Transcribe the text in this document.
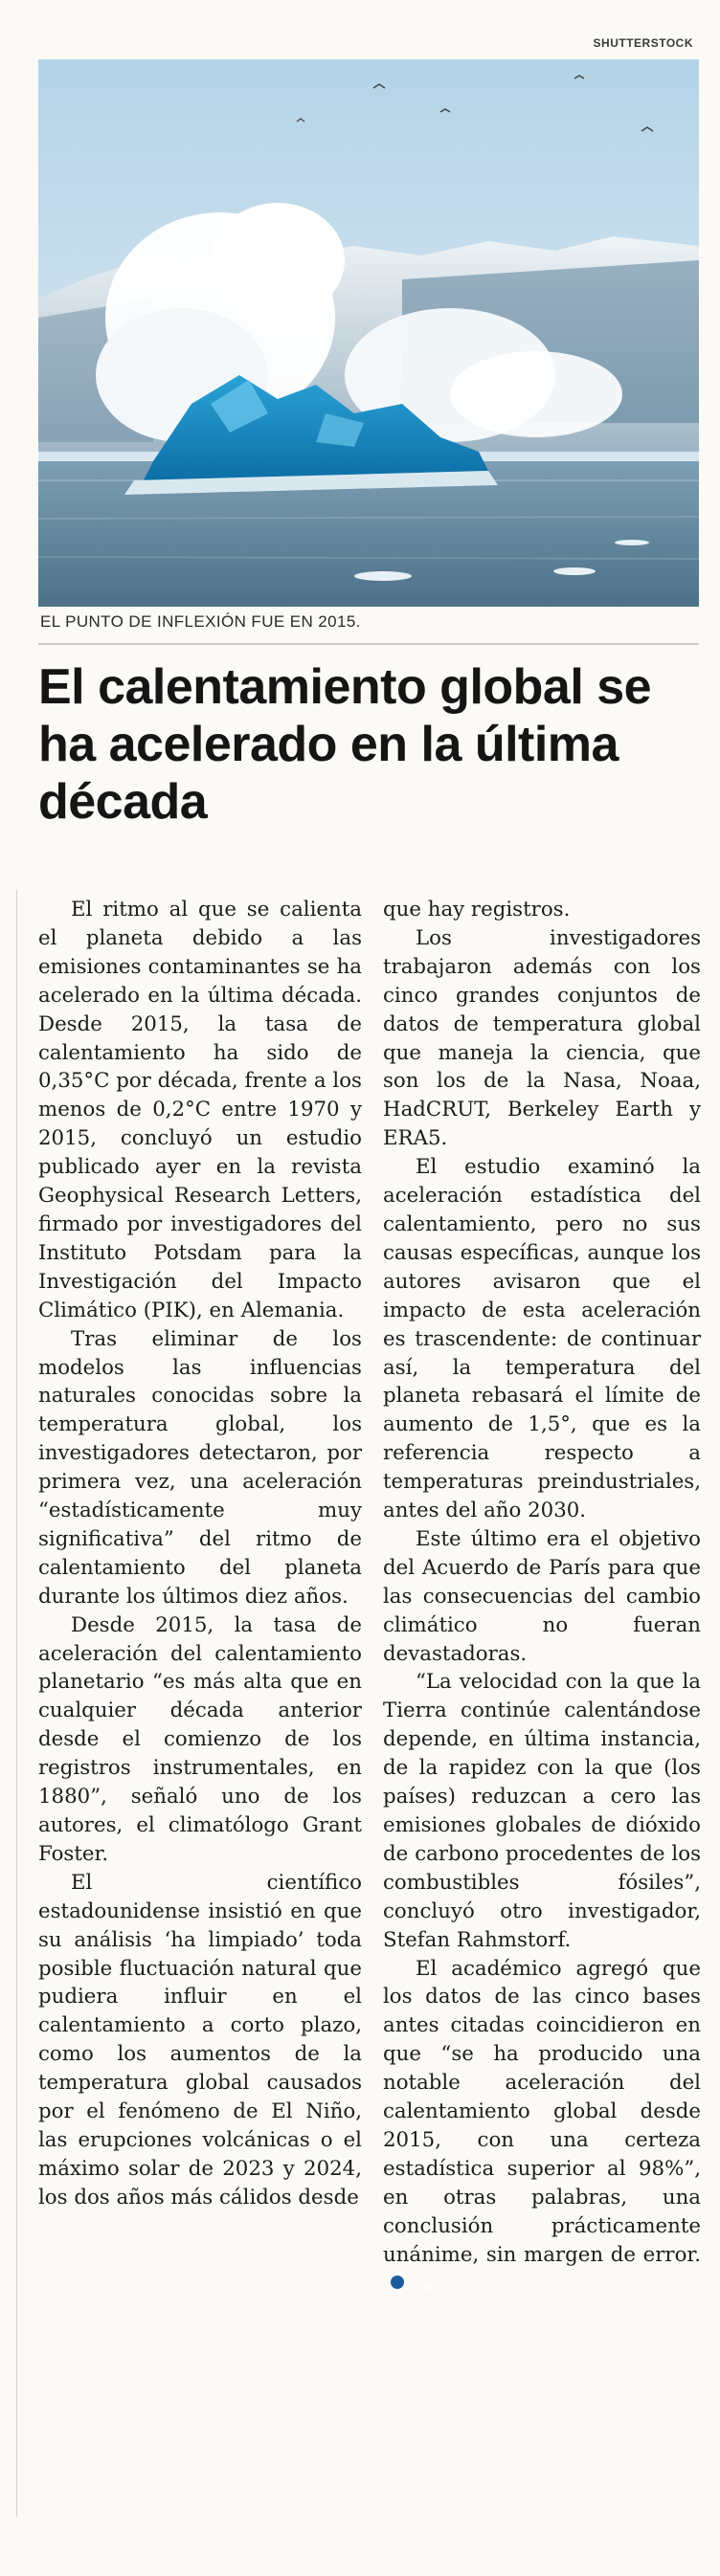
SHUTTERSTOCK
EL PUNTO DE INFLEXIÓN FUE EN 2015.
El calentamiento global se ha acelerado en la última década

El ritmo al que se calienta el planeta debido a las emisiones contaminantes se ha acelerado en la última década. Desde 2015, la tasa de calentamiento ha sido de 0,35°C por década, frente a los menos de 0,2°C entre 1970 y 2015, concluyó un estudio publicado ayer en la revista Geophysical Research Letters, firmado por investigadores del Instituto Potsdam para la Investigación del Impacto Climático (PIK), en Alemania.

Tras eliminar de los modelos las influencias naturales conocidas sobre la temperatura global, los investigadores detectaron, por primera vez, una aceleración “estadísticamente muy significativa” del ritmo de calentamiento del planeta durante los últimos diez años.

Desde 2015, la tasa de aceleración del calentamiento planetario “es más alta que en cualquier década anterior desde el comienzo de los registros instrumentales, en 1880”, señaló uno de los autores, el climatólogo Grant Foster.

El científico estadounidense insistió en que su análisis ‘ha limpiado’ toda posible fluctuación natural que pudiera influir en el calentamiento a corto plazo, como los aumentos de la temperatura global causados por el fenómeno de El Niño, las erupciones volcánicas o el máximo solar de 2023 y 2024, los dos años más cálidos desde

que hay registros.

Los investigadores trabajaron además con los cinco grandes conjuntos de datos de temperatura global que maneja la ciencia, que son los de la Nasa, Noaa, HadCRUT, Berkeley Earth y ERA5.

El estudio examinó la aceleración estadística del calentamiento, pero no sus causas específicas, aunque los autores avisaron que el impacto de esta aceleración es trascendente: de continuar así, la temperatura del planeta rebasará el límite de aumento de 1,5°, que es la referencia respecto a temperaturas preindustriales, antes del año 2030.

Este último era el objetivo del Acuerdo de París para que las consecuencias del cambio climático no fueran devastadoras.

“La velocidad con la que la Tierra continúe calentándose depende, en última instancia, de la rapidez con la que (los países) reduzcan a cero las emisiones globales de dióxido de carbono procedentes de los combustibles fósiles”, concluyó otro investigador, Stefan Rahmstorf.

El académico agregó que los datos de las cinco bases antes citadas coincidieron en que “se ha producido una notable aceleración del calentamiento global desde 2015, con una certeza estadística superior al 98%”, en otras palabras, una conclusión prácticamente unánime, sin margen de error.✪
